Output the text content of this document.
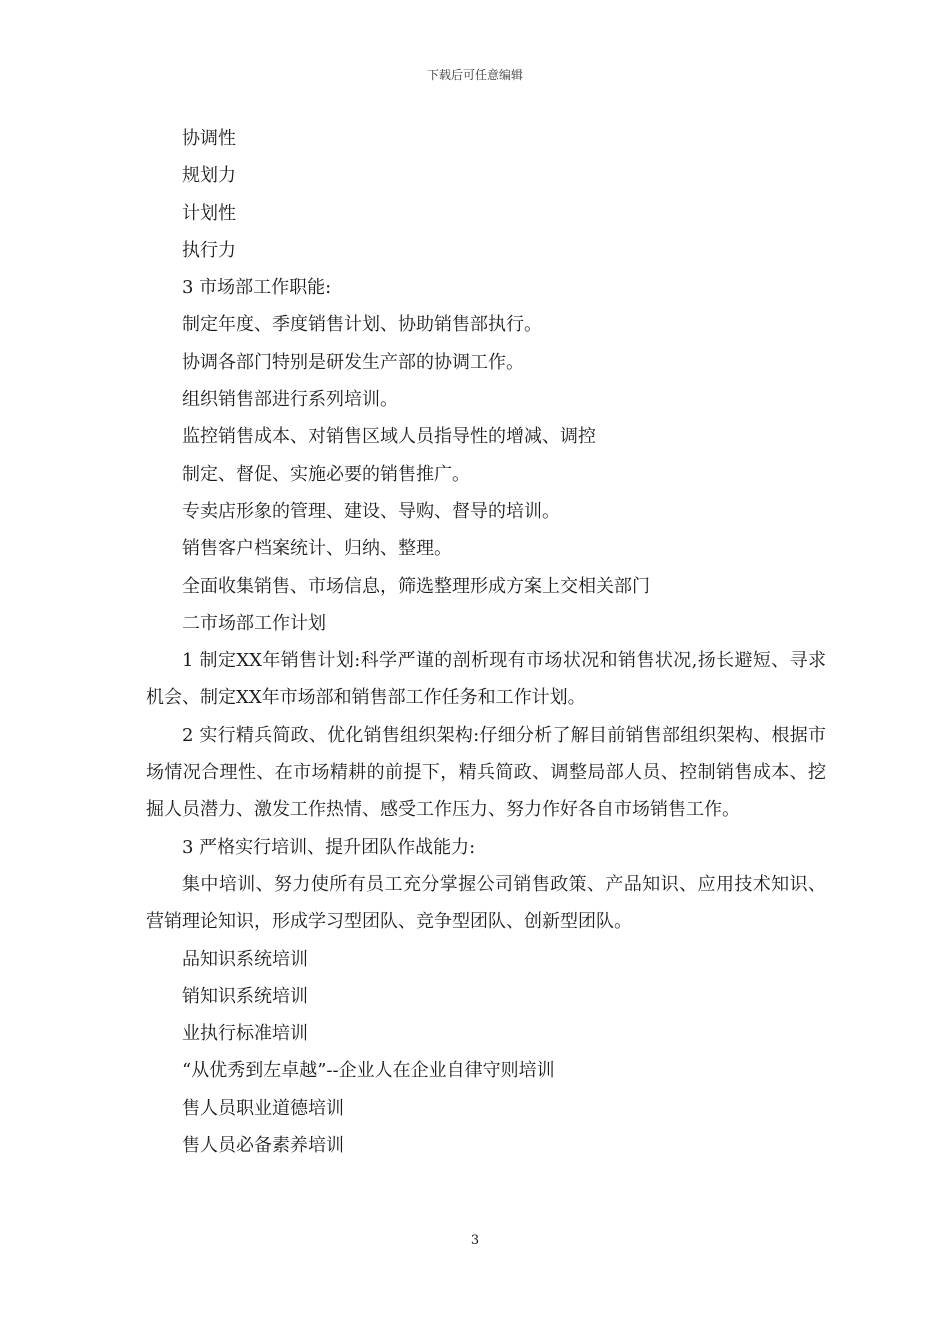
下载后可任意编辑
协调性
规划力
计划性
执行力
3 市场部工作职能:
制定年度、季度销售计划、协助销售部执行。
协调各部门特别是研发生产部的协调工作。
组织销售部进行系列培训。
监控销售成本、对销售区域人员指导性的增减、调控
制定、督促、实施必要的销售推广。
专卖店形象的管理、建设、导购、督导的培训。
销售客户档案统计、归纳、整理。
全面收集销售、市场信息，筛选整理形成方案上交相关部门
二市场部工作计划
1 制定XX年销售计划:科学严谨的剖析现有市场状况和销售状况,扬长避短、寻求机会、制定XX年市场部和销售部工作任务和工作计划。
2 实行精兵简政、优化销售组织架构:仔细分析了解目前销售部组织架构、根据市场情况合理性、在市场精耕的前提下，精兵简政、调整局部人员、控制销售成本、挖掘人员潜力、激发工作热情、感受工作压力、努力作好各自市场销售工作。
3 严格实行培训、提升团队作战能力:
集中培训、努力使所有员工充分掌握公司销售政策、产品知识、应用技术知识、营销理论知识，形成学习型团队、竞争型团队、创新型团队。
品知识系统培训
销知识系统培训
业执行标准培训
“从优秀到左卓越”--企业人在企业自律守则培训
售人员职业道德培训
售人员必备素养培训
3
